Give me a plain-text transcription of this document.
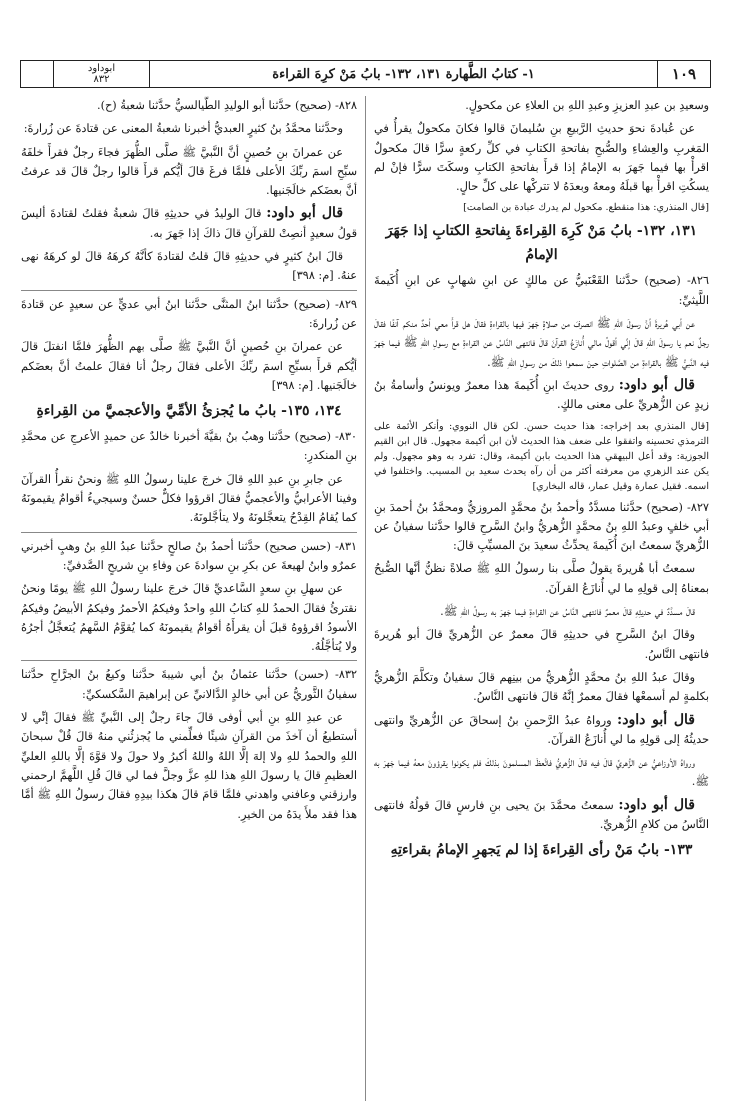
١٠٩
١- كتابُ الطَّهارة ١٣١، ١٣٢- بابُ مَنْ كرِهَ القراءة
ابوداود
٨٣٢

وسعيدِ بن عبدِ العزيزِ وعبدِ اللهِ بن العلاءِ عن مكحولٍ.

عن عُبادةَ نحوَ حديثِ الرَّبيعِ بنِ سُليمانَ قالوا فكانَ مكحولٌ يقرأُ في المَغربِ والعِشاءِ والصُّبحِ بفاتحةِ الكتابِ في كلِّ ركعةٍ سرًّا قالَ مكحولٌ اقرأْ بها فيما جَهرَ به الإمامُ إذا قرأَ بفاتحةِ الكتابِ وسكَتَ سرًّا فإنْ لم يسكُتِ اقرأْ بها قبلَهُ ومعهُ وبعدَهُ لا تتركْها على كلِّ حالٍ.

[قال المنذري: هذا منقطع. مكحول لم يدرك عبادة بن الصامت]

١٣١، ١٣٢- بابُ مَنْ كَرِهَ القِراءةَ بِفاتحةِ الكتابِ إذا جَهَرَ الإمامُ

٨٢٦- (صحيح) حدَّثنا القَعْنَبيُّ عن مالكٍ عن ابنِ شهابٍ عن ابنِ أُكَيمةَ اللَّيثيِّ:

عن أبي هُريرةَ أنَّ رسولَ اللهِ ﷺ انصرفَ من صلاةٍ جَهرَ فيها بالقراءةِ فقالَ هل قرأَ معي أحدٌ منكم آنفًا فقالَ رجلٌ نعم يا رسولَ اللهِ قالَ إنِّي أقولُ مالي أُنازَعُ القرآنَ قالَ فانتهى النَّاسُ عن القراءةِ مع رسولِ اللهِ ﷺ فيما جَهرَ فيه النَّبيُّ ﷺ بالقراءةِ من الصَّلواتِ حينَ سمعوا ذلكَ من رسولِ اللهِ ﷺ.

قال أبو داود: روى حديثَ ابنِ أُكَيمةَ هذا معمرٌ ويونسُ وأسامةُ بنُ زيدٍ عن الزُّهريِّ على معنى مالكٍ.

[قال المنذري بعد إخراجه: هذا حديث حسن. لكن قال النووي: وأنكر الأئمة على الترمذي تحسينه واتفقوا على ضعف هذا الحديث لأن ابن أكيمة مجهول. قال ابن القيم الجوزية: وقد أعل البيهقي هذا الحديث بابن أكيمة، وقال: تفرد به وهو مجهول. ولم يكن عند الزهري من معرفته أكثر من أن رآه يحدث سعيد بن المسيب. واختلفوا في اسمه. فقيل عمارة وقيل عمار، قاله البخاري]

٨٢٧- (صحيح) حدَّثنا مسدَّدٌ وأحمدُ بنُ محمَّدٍ المروزيُّ ومحمَّدُ بنُ أحمدَ بنِ أبي خلفٍ وعبدُ اللهِ بنُ محمَّدٍ الزُّهريُّ وابنُ السَّرحِ قالوا حدَّثنا سفيانُ عن الزُّهريِّ سمعتُ ابنَ أُكَيمةَ يحدِّثُ سعيدَ بنَ المسيِّبِ قالَ:

سمعتُ أبا هُريرةَ يقولُ صلَّى بنا رسولُ اللهِ ﷺ صلاةً نظنُّ أنَّها الصُّبحُ بمعناهُ إلى قولِهِ ما لي أُنازَعُ القرآنَ.

قالَ مسدَّدٌ في حديثِهِ قالَ معمرٌ فانتهى النَّاسُ عن القراءةِ فيما جَهرَ به رسولُ اللهِ ﷺ.

وقالَ ابنُ السَّرحِ في حديثِهِ قالَ معمرٌ عن الزُّهريِّ قالَ أبو هُريرةَ فانتهى النَّاسُ.

وقالَ عبدُ اللهِ بنُ محمَّدٍ الزُّهريُّ من بينِهم قالَ سفيانُ وتكلَّمَ الزُّهريُّ بكلمةٍ لم أسمعْها فقالَ معمرٌ إنَّهُ قالَ فانتهى النَّاسُ.

قال أبو داود: ورواهُ عبدُ الرَّحمنِ بنُ إسحاقَ عن الزُّهريِّ وانتهى حديثُهُ إلى قولِهِ ما لي أُنازَعُ القرآنَ.

ورواهُ الأوزاعيُّ عن الزُّهريِّ قالَ فيه قالَ الزُّهريُّ فاتَّعظَ المسلمونَ بذلكَ فلم يكونوا يقرؤونَ معهُ فيما جَهرَ به ﷺ.

قال أبو داود: سمعتُ محمَّدَ بنَ يحيى بنِ فارسٍ قالَ قولُهُ فانتهى النَّاسُ من كلامِ الزُّهريِّ.

١٣٣- بابُ مَنْ رأى القِراءةَ إذا لم يَجهرِ الإمامُ بقراءتِهِ

٨٢٨- (صحيح) حدَّثنا أبو الوليدِ الطَّيالسيُّ حدَّثنا شعبةُ (ح).

وحدَّثنا محمَّدُ بنُ كثيرٍ العبديُّ أخبرنا شعبةُ المعنى عن قتادةَ عن زُرارةَ:

عن عمرانَ بنِ حُصينٍ أنَّ النَّبيَّ ﷺ صلَّى الظُّهرَ فجاءَ رجلٌ فقرأَ خلفَهُ سبِّحِ اسمَ ربِّكَ الأعلى فلمَّا فرغَ قالَ أيُّكم قرأَ قالوا رجلٌ قالَ قد عرفتُ أنَّ بعضَكم خالَجَنيها.

قال أبو داود: قالَ الوليدُ في حديثِهِ قالَ شعبةُ فقلتُ لقتادةَ أليسَ قولُ سعيدٍ أنصِتْ للقرآنِ قالَ ذاكَ إذا جَهرَ به.

قالَ ابنُ كثيرٍ في حديثِهِ قالَ قلتُ لقتادةَ كأنَّهُ كرهَهُ قالَ لو كرهَهُ نهى عنهُ. [م: ٣٩٨]

٨٢٩- (صحيح) حدَّثنا ابنُ المثنَّى حدَّثنا ابنُ أبي عديٍّ عن سعيدٍ عن قتادةَ عن زُرارةَ:

عن عمرانَ بنِ حُصينٍ أنَّ النَّبيَّ ﷺ صلَّى بهم الظُّهرَ فلمَّا انفتلَ قالَ أيُّكم قرأَ بسبِّحِ اسمَ ربِّكَ الأعلى فقالَ رجلٌ أنا فقالَ علمتُ أنَّ بعضَكم خالَجَنيها. [م: ٣٩٨]

١٣٤، ١٣٥- بابُ ما يُجزئُ الأمِّيَّ والأعجميَّ من القِراءةِ

٨٣٠- (صحيح) حدَّثنا وهبُ بنُ بقيَّةَ أخبرنا خالدٌ عن حميدٍ الأعرجِ عن محمَّدِ بنِ المنكدرِ:

عن جابرِ بنِ عبدِ اللهِ قالَ خرجَ علينا رسولُ اللهِ ﷺ ونحنُ نقرأُ القرآنَ وفينا الأعرابيُّ والأعجميُّ فقالَ اقرؤوا فكلٌّ حسنٌ وسيجيءُ أقوامٌ يقيمونَهُ كما يُقامُ القِدْحُ يتعجَّلونَهُ ولا يتأجَّلونَهُ.

٨٣١- (حسن صحيح) حدَّثنا أحمدُ بنُ صالحٍ حدَّثنا عبدُ اللهِ بنُ وهبٍ أخبرني عمرٌو وابنُ لهيعةَ عن بكرِ بنِ سوادةَ عن وفاءِ بنِ شريحٍ الصَّدفيِّ:

عن سهلِ بنِ سعدٍ السَّاعديِّ قالَ خرجَ علينا رسولُ اللهِ ﷺ يومًا ونحنُ نقترئُ فقالَ الحمدُ للهِ كتابُ اللهِ واحدٌ وفيكمُ الأحمرُ وفيكمُ الأبيضُ وفيكمُ الأسودُ اقرؤوهُ قبلَ أن يقرأَهُ أقوامٌ يقيمونَهُ كما يُقوَّمُ السَّهمُ يُتعجَّلُ أجرُهُ ولا يُتأجَّلُهُ.

٨٣٢- (حسن) حدَّثنا عثمانُ بنُ أبي شيبةَ حدَّثنا وكيعُ بنُ الجرَّاحِ حدَّثنا سفيانُ الثَّوريُّ عن أبي خالدٍ الدَّالانيِّ عن إبراهيمَ السَّكسكيِّ:

عن عبدِ اللهِ بنِ أبي أوفى قالَ جاءَ رجلٌ إلى النَّبيِّ ﷺ فقالَ إنِّي لا أستطيعُ أن آخذَ من القرآنِ شيئًا فعلِّمني ما يُجزئُني منهُ قالَ قُلْ سبحانَ اللهِ والحمدُ للهِ ولا إلهَ إلَّا اللهُ واللهُ أكبرُ ولا حولَ ولا قوَّةَ إلَّا باللهِ العليِّ العظيمِ قالَ يا رسولَ اللهِ هذا للهِ عزَّ وجلَّ فما لي قالَ قُلِ اللَّهمَّ ارحمني وارزقني وعافني واهدني فلمَّا قامَ قالَ هكذا بيدِهِ فقالَ رسولُ اللهِ ﷺ أمَّا هذا فقد ملأَ يدَهُ من الخيرِ.
